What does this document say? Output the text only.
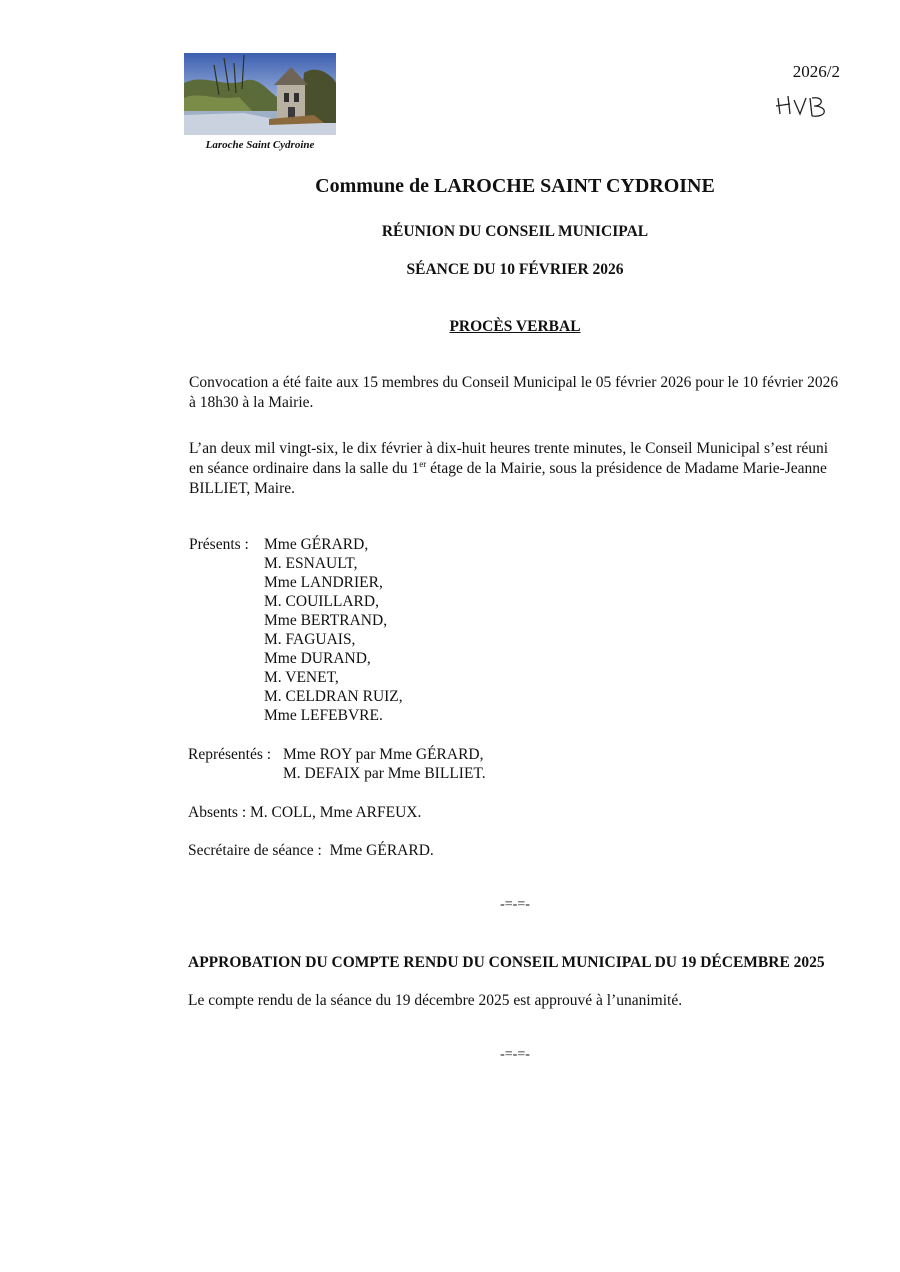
Laroche Saint Cydroine
2026/2
Commune de LAROCHE SAINT CYDROINE
RÉUNION DU CONSEIL MUNICIPAL
SÉANCE DU 10 FÉVRIER 2026
PROCÈS VERBAL
Convocation a été faite aux 15 membres du Conseil Municipal le 05 février 2026 pour le 10 février 2026 à 18h30 à la Mairie.
L’an deux mil vingt-six, le dix février à dix-huit heures trente minutes, le Conseil Municipal s’est réuni en séance ordinaire dans la salle du 1er étage de la Mairie, sous la présidence de Madame Marie-Jeanne BILLIET, Maire.
Présents : Mme GÉRARD,
M. ESNAULT,
Mme LANDRIER,
M. COUILLARD,
Mme BERTRAND,
M. FAGUAIS,
Mme DURAND,
M. VENET,
M. CELDRAN RUIZ,
Mme LEFEBVRE.
Représentés : Mme ROY par Mme GÉRARD,
M. DEFAIX par Mme BILLIET.
Absents : M. COLL, Mme ARFEUX.
Secrétaire de séance : Mme GÉRARD.
-=-=-
APPROBATION DU COMPTE RENDU DU CONSEIL MUNICIPAL DU 19 DÉCEMBRE 2025
Le compte rendu de la séance du 19 décembre 2025 est approuvé à l’unanimité.
-=-=-
